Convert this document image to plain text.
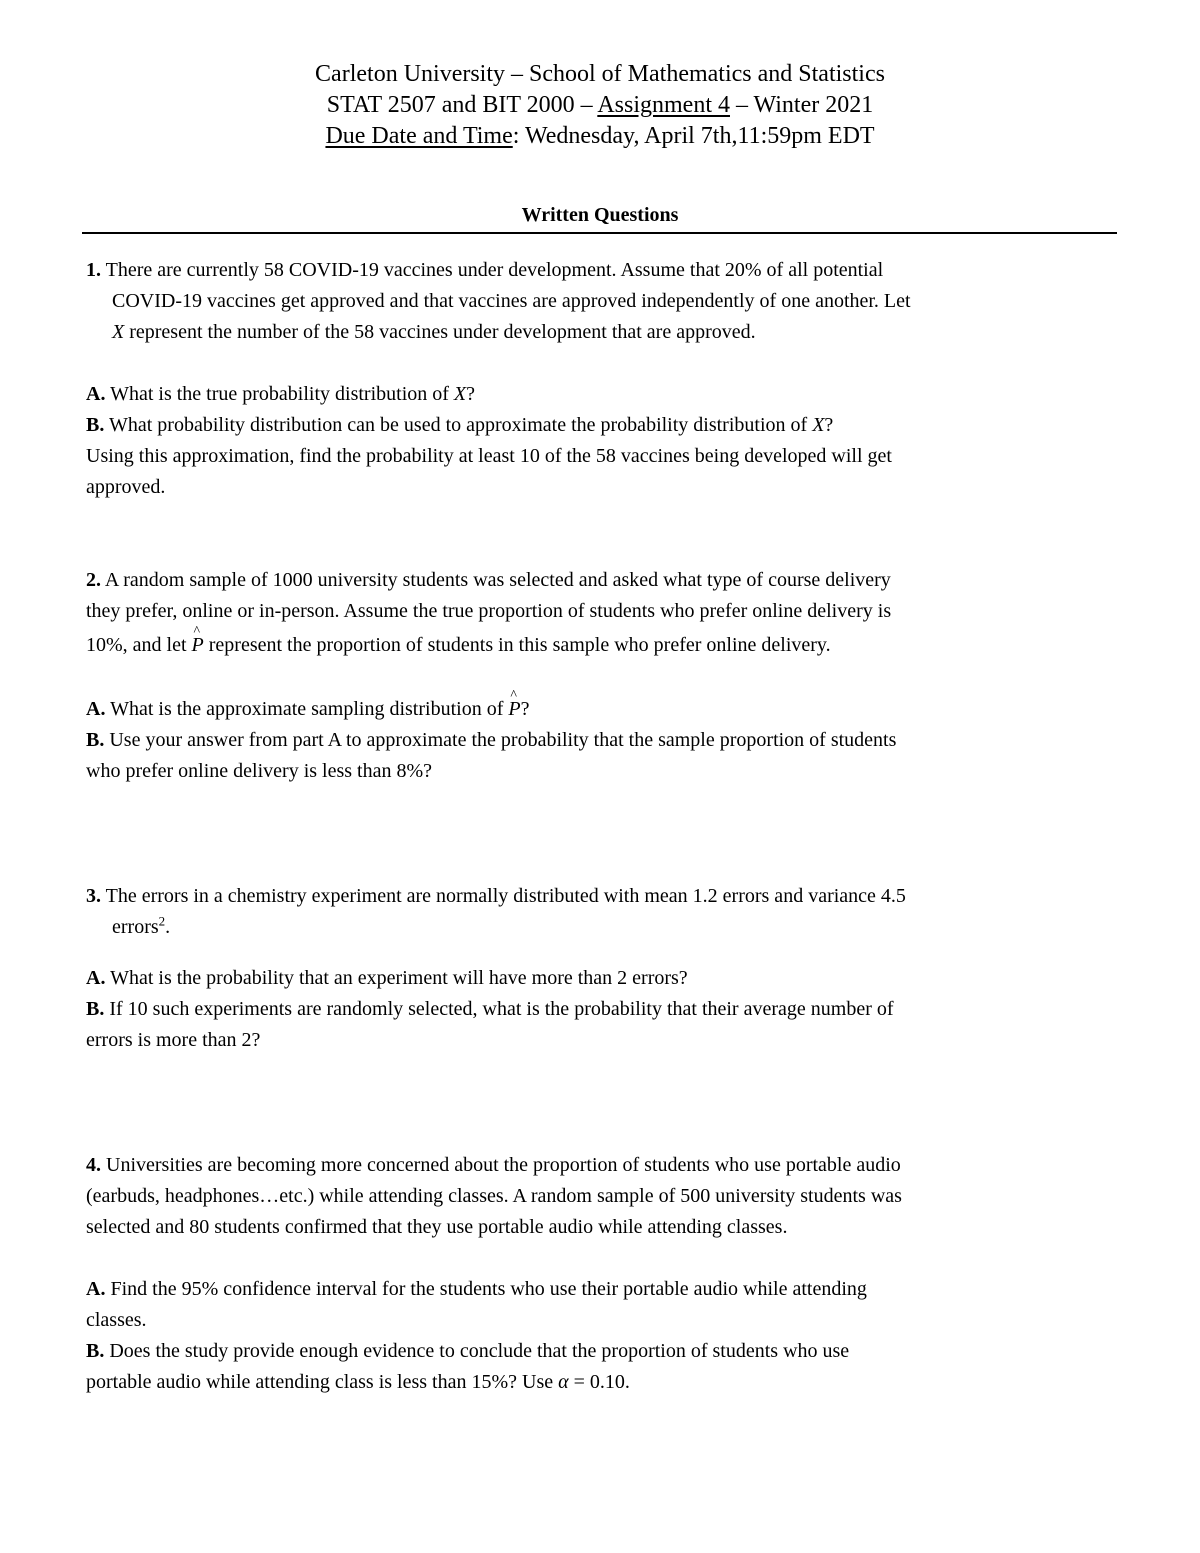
Carleton University – School of Mathematics and Statistics
STAT 2507 and BIT 2000 – Assignment 4 – Winter 2021
Due Date and Time: Wednesday, April 7th,11:59pm EDT
Written Questions
1. There are currently 58 COVID-19 vaccines under development. Assume that 20% of all potential
COVID-19 vaccines get approved and that vaccines are approved independently of one another. Let
X represent the number of the 58 vaccines under development that are approved.
A. What is the true probability distribution of X?
B. What probability distribution can be used to approximate the probability distribution of X?
Using this approximation, find the probability at least 10 of the 58 vaccines being developed will get
approved.
2. A random sample of 1000 university students was selected and asked what type of course delivery
they prefer, online or in-person. Assume the true proportion of students who prefer online delivery is
10%, and let ^ P represent the proportion of students in this sample who prefer online delivery.
A. What is the approximate sampling distribution of ^ P?
B. Use your answer from part A to approximate the probability that the sample proportion of students
who prefer online delivery is less than 8%?
3. The errors in a chemistry experiment are normally distributed with mean 1.2 errors and variance 4.5
errors$^2$.
A. What is the probability that an experiment will have more than 2 errors?
B. If 10 such experiments are randomly selected, what is the probability that their average number of
errors is more than 2?
4. Universities are becoming more concerned about the proportion of students who use portable audio
(earbuds, headphones…etc.) while attending classes. A random sample of 500 university students was
selected and 80 students confirmed that they use portable audio while attending classes.
A. Find the 95% confidence interval for the students who use their portable audio while attending
classes.
B. Does the study provide enough evidence to conclude that the proportion of students who use
portable audio while attending class is less than 15%? Use α = 0.10.
